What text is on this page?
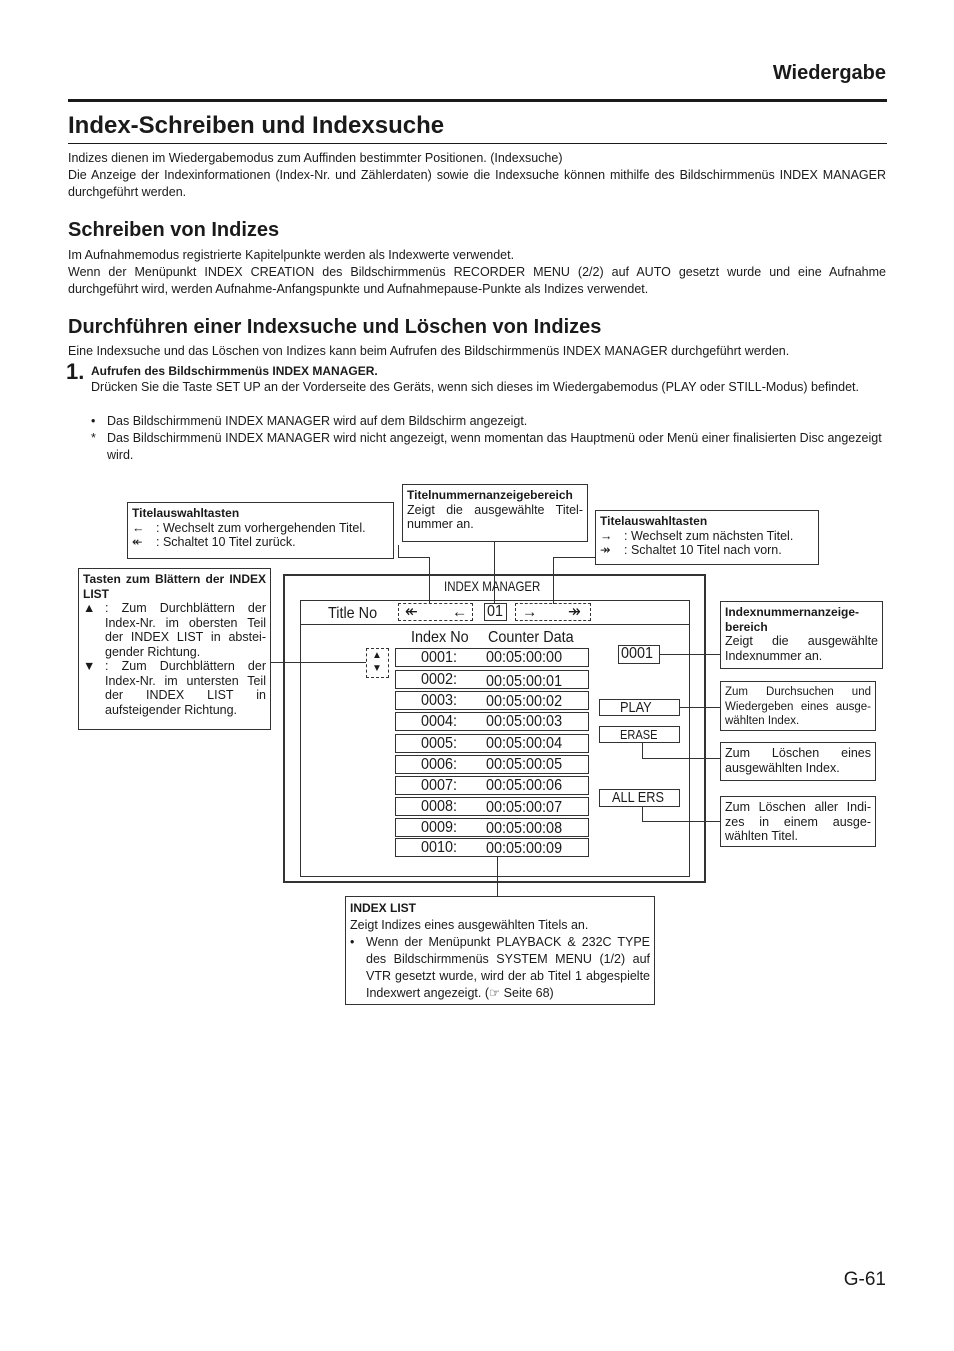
Wiedergabe
Index-Schreiben und Indexsuche
Indizes dienen im Wiedergabemodus zum Auffinden bestimmter Positionen. (Indexsuche)
Die Anzeige der Indexinformationen (Index-Nr. und Zählerdaten) sowie die Indexsuche können mithilfe des Bildschirmmenüs INDEX MANAGER durchgeführt werden.
Schreiben von Indizes
Im Aufnahmemodus registrierte Kapitelpunkte werden als Indexwerte verwendet.
Wenn der Menüpunkt INDEX CREATION des Bildschirmmenüs RECORDER MENU (2/2) auf AUTO gesetzt wurde und eine Aufnahme durchgeführt wird, werden Aufnahme-Anfangspunkte und Aufnahmepause-Punkte als Indizes verwendet.
Durchführen einer Indexsuche und Löschen von Indizes
Eine Indexsuche und das Löschen von Indizes kann beim Aufrufen des Bildschirmmenüs INDEX MANAGER durchgeführt werden.
1. Aufrufen des Bildschirmmenüs INDEX MANAGER.
Drücken Sie die Taste SET UP an der Vorderseite des Geräts, wenn sich dieses im Wiedergabemodus (PLAY oder STILL-Modus) befindet.
• Das Bildschirmmenü INDEX MANAGER wird auf dem Bildschirm angezeigt.
* Das Bildschirmmenü INDEX MANAGER wird nicht angezeigt, wenn momentan das Hauptmenü oder Menü einer finalisierten Disc angezeigt wird.
Titelauswahltasten
← : Wechselt zum vorhergehenden Titel.
↞	: Schaltet 10 Titel zurück.
Titelnummernanzeigebereich
Zeigt die ausgewählte Titel-nummer an.	Titelauswahltasten
→ : Wechselt zum nächsten Titel.
↠	: Schaltet 10 Titel nach vorn.
Tasten zum Blättern der INDEX LIST
▲ : Zum Durchblättern der Index-Nr. im obersten Teil der INDEX LIST in abstei-gender Richtung.
▼ : Zum Durchblättern der Index-Nr. im untersten Teil der INDEX LIST in aufsteigender Richtung.
Indexnummernanzeige-bereich
Zeigt die ausgewählte Indexnummer an.
Zum Durchsuchen und Wiedergeben eines ausge-wählten Index.
Zum Löschen eines ausgewählten Index.
Zum Löschen aller Indi-zes in einem ausge-wählten Titel.
INDEX LIST
Zeigt Indizes eines ausgewählten Titels an.
• Wenn der Menüpunkt PLAYBACK & 232C TYPE des Bildschirmmenüs SYSTEM MENU (1/2) auf VTR gesetzt wurde, wird der ab Titel 1 abgespielte Indexwert angezeigt. (☞ Seite 68)
INDEX MANAGER
Title No ↞ ← 01 → ↠
Index No Counter Data
▲
▼
0001: 00:05:00:00
0002: 00:05:00:01
0003: 00:05:00:02
0004: 00:05:00:03
0005: 00:05:00:04
0006: 00:05:00:05
0007: 00:05:00:06
0008: 00:05:00:07
0009: 00:05:00:08
0010: 00:05:00:09
0001
PLAY
ERASE
ALL ERS
G-61
